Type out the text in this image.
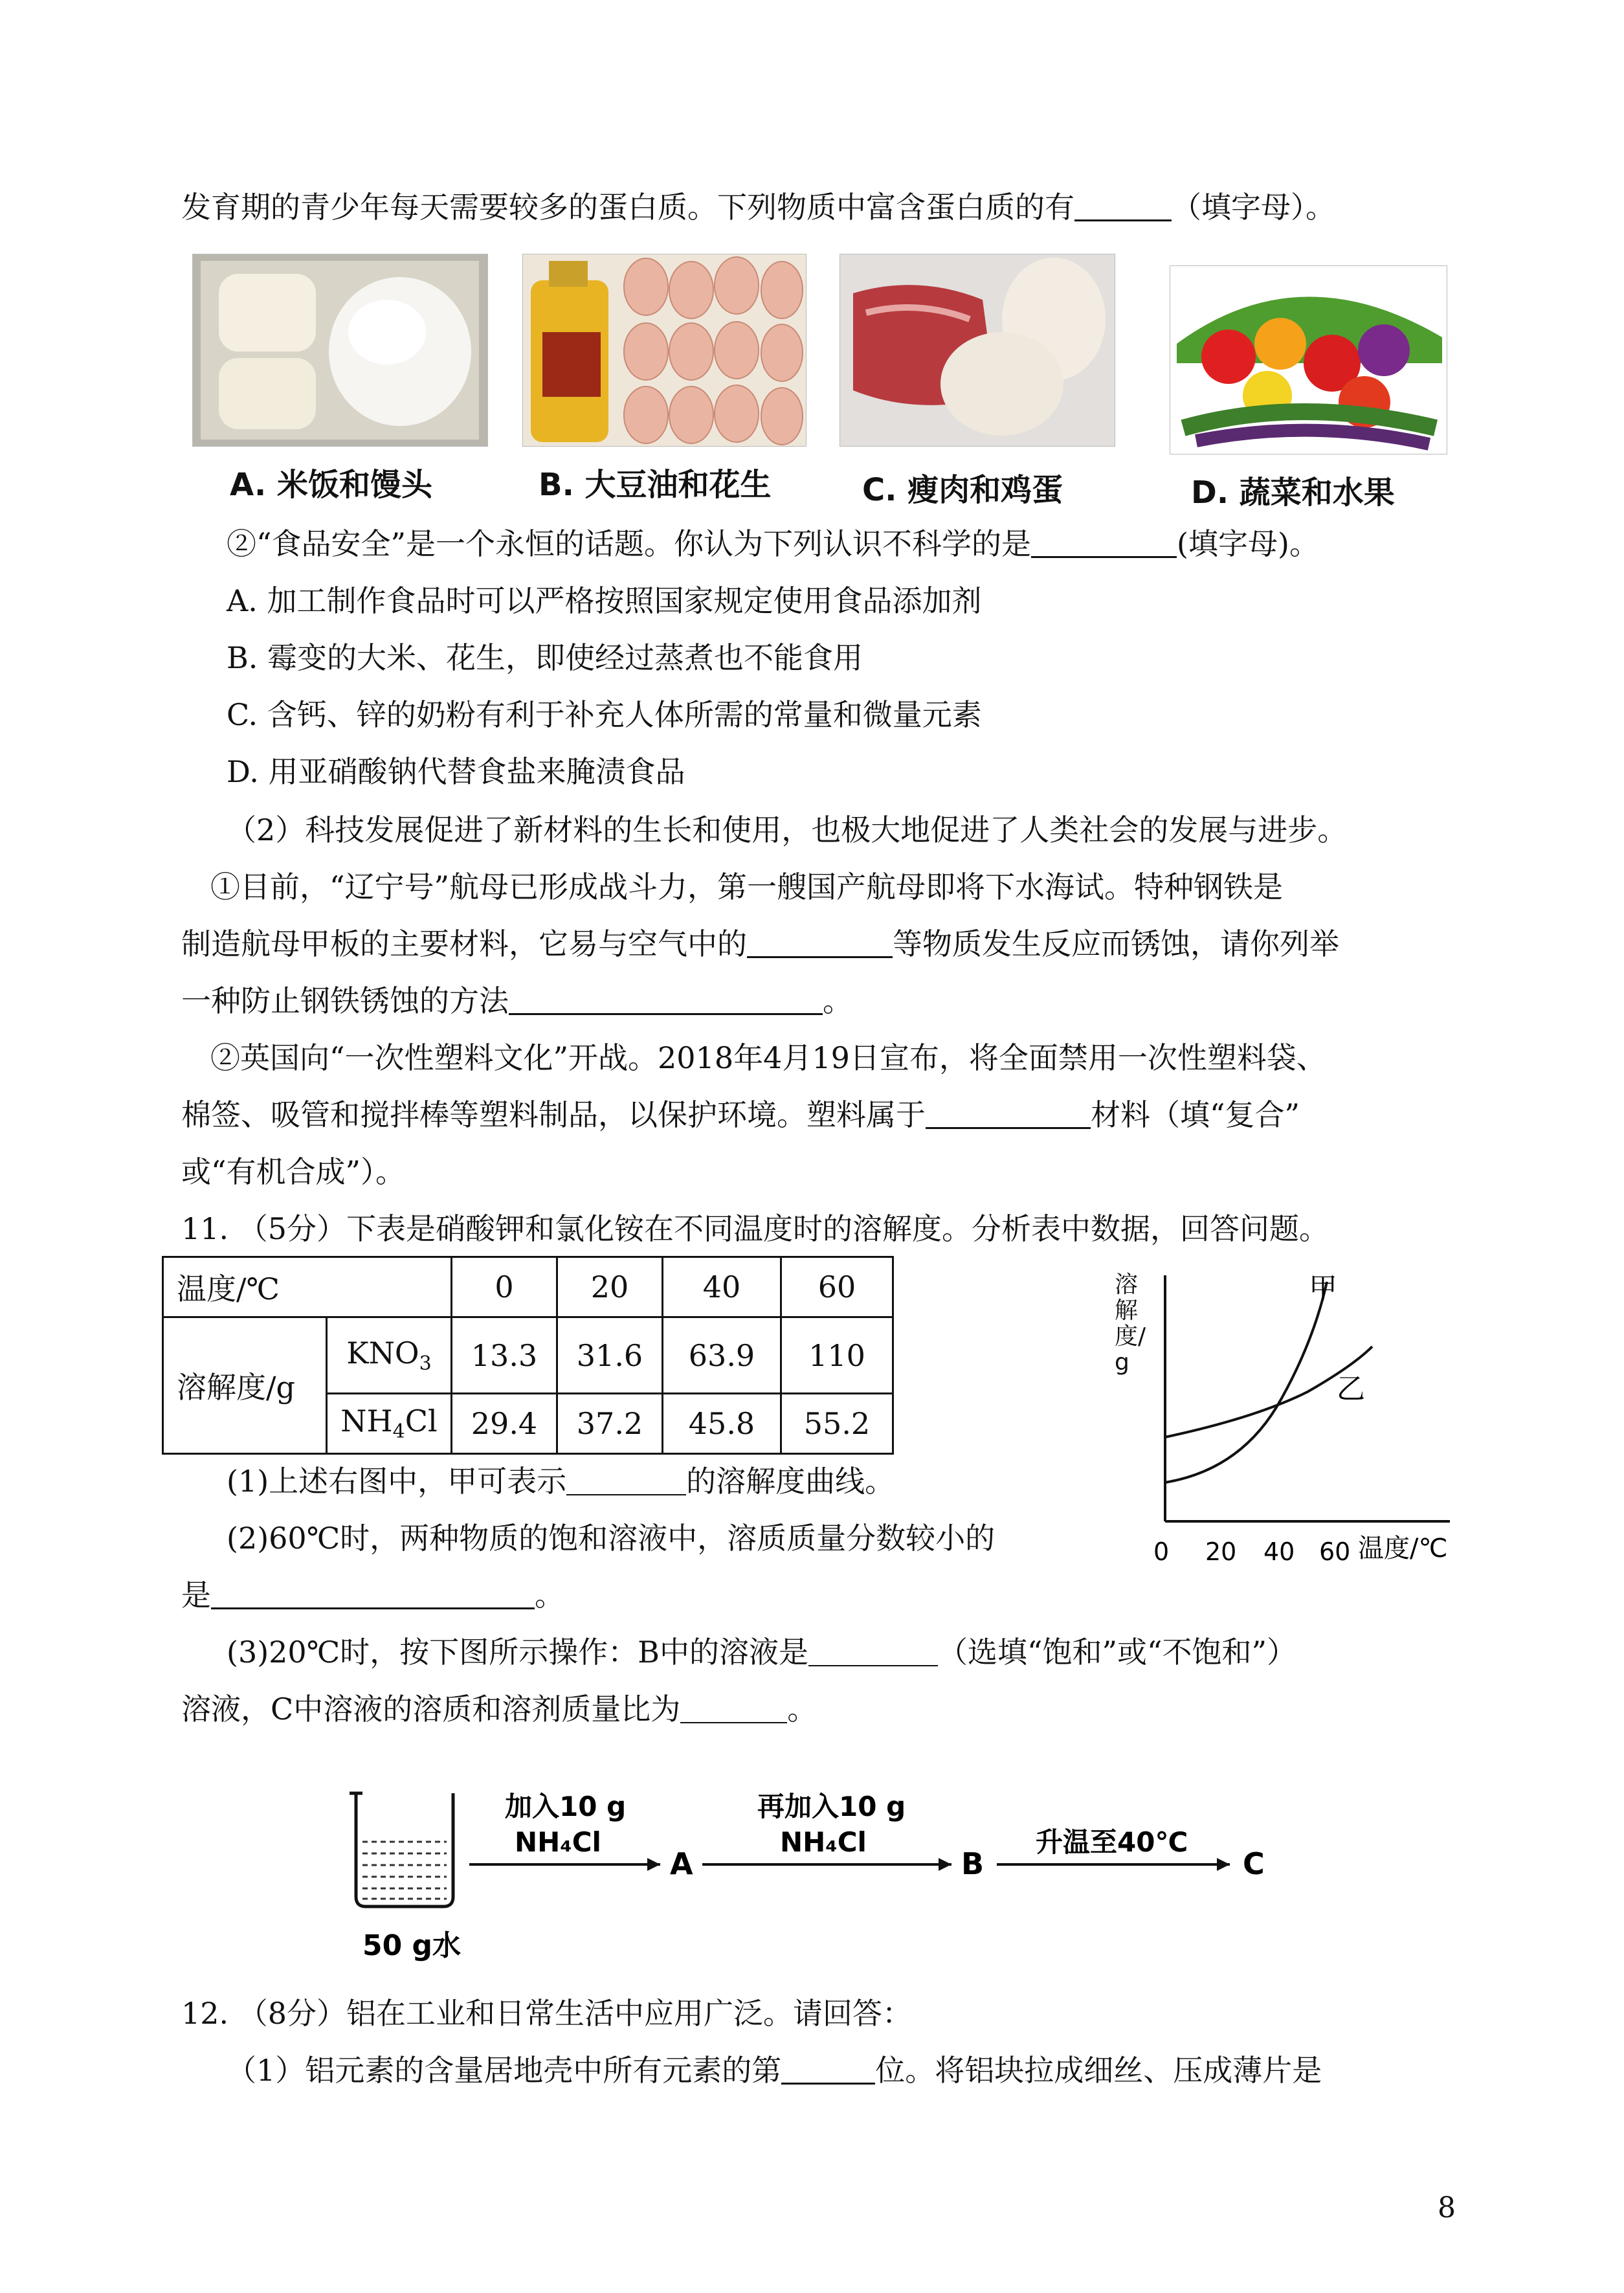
发育期的青少年每天需要较多的蛋白质。下列物质中富含蛋白质的有	（填字母）。
A. 米饭和馒头	B. 大豆油和花生	C. 瘦肉和鸡蛋	D. 蔬菜和水果
②“食品安全”是一个永恒的话题。你认为下列认识不科学的是	(填字母)。
A. 加工制作食品时可以严格按照国家规定使用食品添加剂
B. 霉变的大米、花生，即使经过蒸煮也不能食用
C. 含钙、锌的奶粉有利于补充人体所需的常量和微量元素
D. 用亚硝酸钠代替食盐来腌渍食品
（2）科技发展促进了新材料的生长和使用，也极大地促进了人类社会的发展与进步。
①目前，“辽宁号”航母已形成战斗力，第一艘国产航母即将下水海试。特种钢铁是
制造航母甲板的主要材料，它易与空气中的	等物质发生反应而锈蚀，请你列举
一种防止钢铁锈蚀的方法	。
②英国向“一次性塑料文化”开战。2018年4月19日宣布，将全面禁用一次性塑料袋、
棉签、吸管和搅拌棒等塑料制品，以保护环境。塑料属于	材料（填“复合”
或“有机合成”）。
11. （5分）下表是硝酸钾和氯化铵在不同温度时的溶解度。分析表中数据，回答问题。
温度/℃		0	20	40	60
溶解度/g	$KNO_3$	13.3	31.6	63.9	110
	$NH_4Cl$	29.4	37.2	45.8	55.2
甲
乙
0 20 40 60 温度/℃
溶解度/g
(1)上述右图中，甲可表示	的溶解度曲线。
(2)60℃时，两种物质的饱和溶液中，溶质质量分数较小的
是	。
(3)20℃时，按下图所示操作：B中的溶液是	（选填“饱和”或“不饱和”）
溶液，C中溶液的溶质和溶剂质量比为	。
50 g水
加入10 g
NH₄Cl
A
再加入10 g
NH₄Cl
B
升温至40℃
C
12. （8分）铝在工业和日常生活中应用广泛。请回答：
（1）铝元素的含量居地壳中所有元素的第	位。将铝块拉成细丝、压成薄片是
8
